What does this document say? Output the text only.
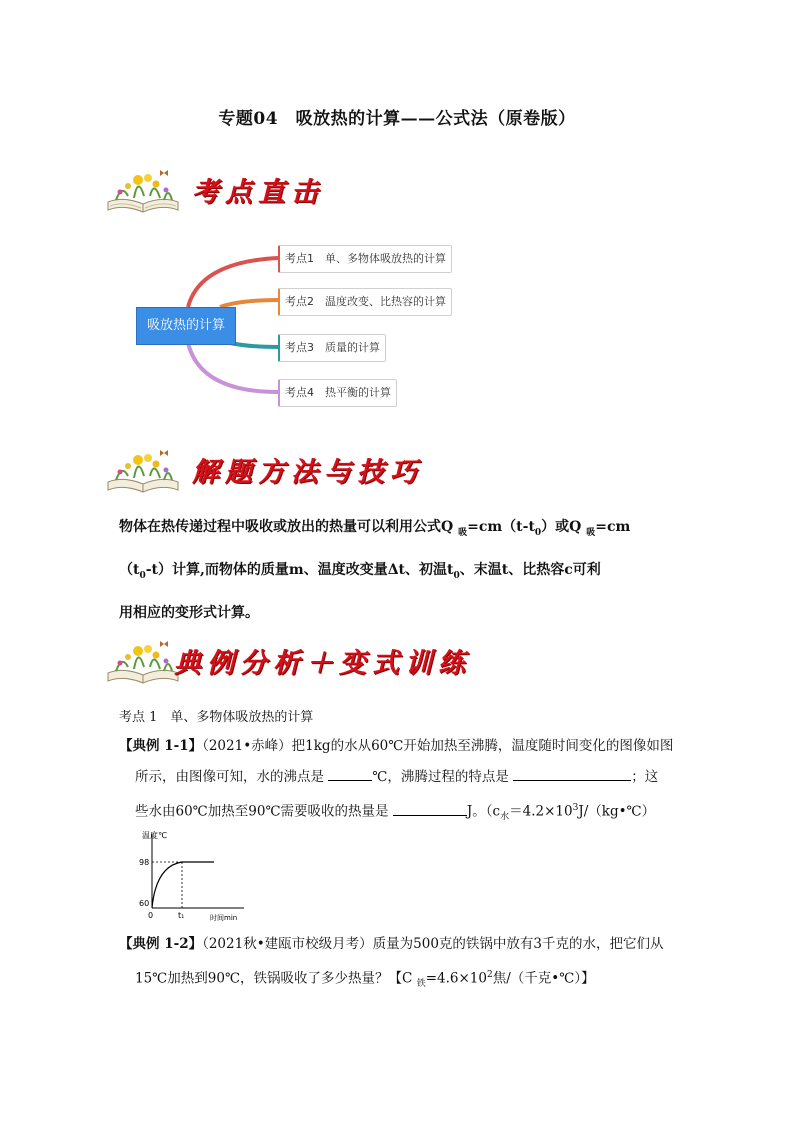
专题04　吸放热的计算——公式法（原卷版）
考点直击
吸放热的计算
考点1　单、多物体吸放热的计算
考点2　温度改变、比热容的计算
考点3　质量的计算
考点4　热平衡的计算
解题方法与技巧
物体在热传递过程中吸收或放出的热量可以利用公式Q $_吸=cm(t-t_0)$或Q $_吸$=cm
$(t_0-t)$计算,而物体的质量m、温度改变量Δt、初温$t_0$、末温t、比热容c可利
用相应的变形式计算。
典例分析＋变式训练
考点 1　单、多物体吸放热的计算
【典例 1-1】（2021•赤峰）把1kg的水从60℃开始加热至沸腾，温度随时间变化的图像如图
所示，由图像可知，水的沸点是	℃，沸腾过程的特点是	；这
些水由60℃加热至90℃需要吸收的热量是	J。（$c_水=4.2\times 10^3J/(kg•℃)$
温度℃
时间min
98
60
0	t₁
【典例 1-2】（2021秋•建瓯市校级月考）质量为500克的铁锅中放有3千克的水，把它们从
15℃加热到90℃，铁锅吸收了多少热量？【C $_铁=4.6\times 10^2$焦/（千克•℃）】
